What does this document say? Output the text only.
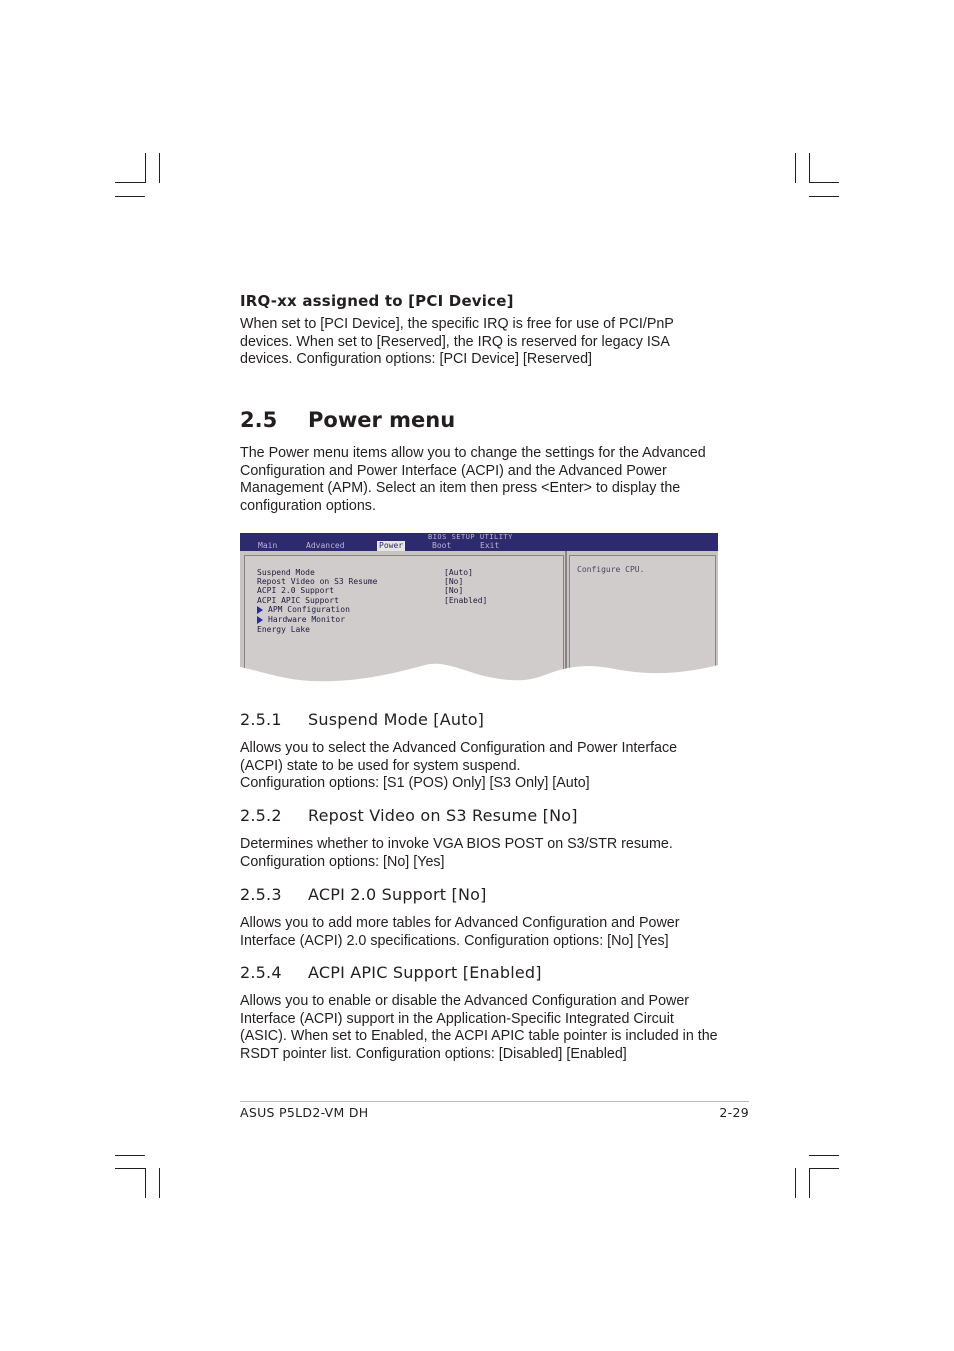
IRQ-xx assigned to [PCI Device]

When set to [PCI Device], the specific IRQ is free for use of PCI/PnP
devices. When set to [Reserved], the IRQ is reserved for legacy ISA
devices. Configuration options: [PCI Device] [Reserved]

2.5 Power menu

The Power menu items allow you to change the settings for the Advanced
Configuration and Power Interface (ACPI) and the Advanced Power
Management (APM). Select an item then press <Enter> to display the
configuration options.

BIOS SETUP UTILITY
Main	Advanced	Power	Boot	Exit
Suspend Mode	[Auto]
Repost Video on S3 Resume	[No]
ACPI 2.0 Support	[No]
ACPI APIC Support	[Enabled]
APM Configuration
Hardware Monitor
Energy Lake
Configure CPU.
2.5.1 Suspend Mode [Auto]

Allows you to select the Advanced Configuration and Power Interface
(ACPI) state to be used for system suspend.
Configuration options: [S1 (POS) Only] [S3 Only] [Auto]

2.5.2 Repost Video on S3 Resume [No]

Determines whether to invoke VGA BIOS POST on S3/STR resume.
Configuration options: [No] [Yes]

2.5.3 ACPI 2.0 Support [No]

Allows you to add more tables for Advanced Configuration and Power
Interface (ACPI) 2.0 specifications. Configuration options: [No] [Yes]

2.5.4 ACPI APIC Support [Enabled]

Allows you to enable or disable the Advanced Configuration and Power
Interface (ACPI) support in the Application-Specific Integrated Circuit
(ASIC). When set to Enabled, the ACPI APIC table pointer is included in the
RSDT pointer list. Configuration options: [Disabled] [Enabled]

ASUS P5LD2-VM DH	2-29
